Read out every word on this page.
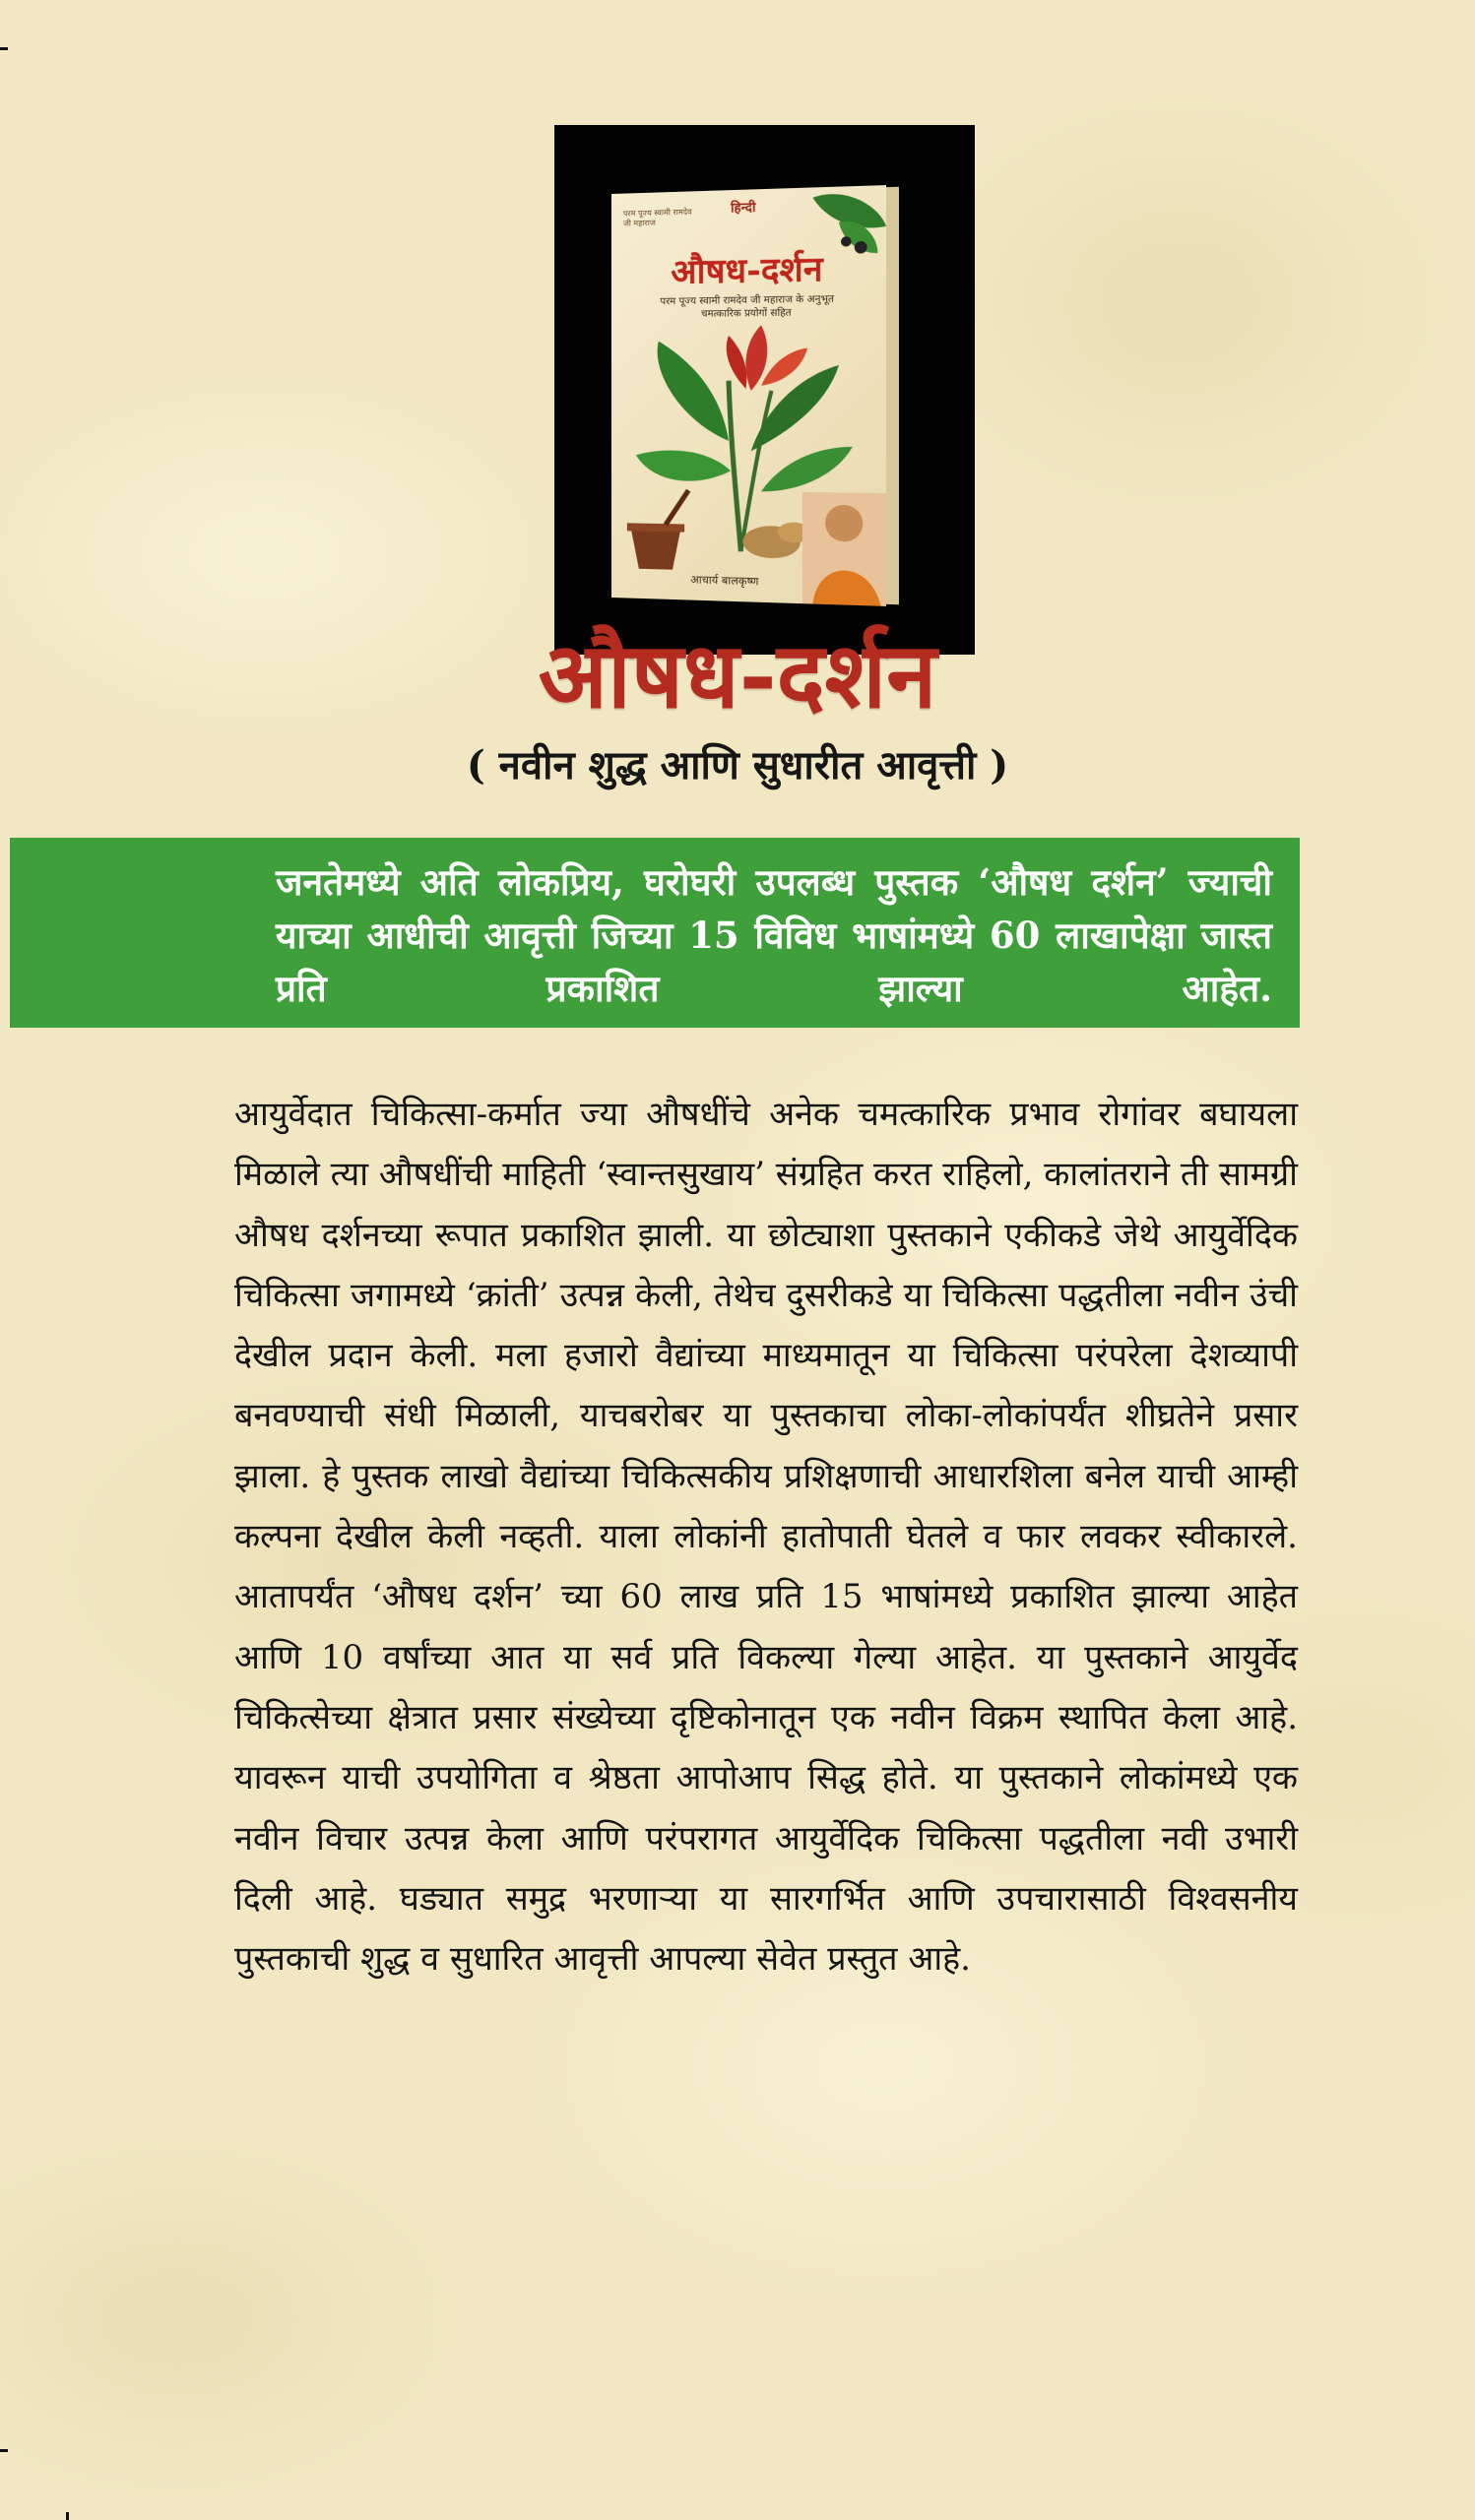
हिन्दी
परम पूज्य स्वामी रामदेव जी महाराज
औषध-दर्शन
परम पूज्य स्वामी रामदेव जी महाराज के अनुभूत चमत्कारिक प्रयोगों सहित
आचार्य बालकृष्ण
औषध-दर्शन
( नवीन शुद्ध आणि सुधारीत आवृत्ती )

जनतेमध्ये अति लोकप्रिय, घरोघरी उपलब्ध पुस्तक ‘औषध दर्शन’ ज्याची याच्या आधीची आवृत्ती जिच्या 15 विविध भाषांमध्ये 60 लाखापेक्षा जास्त प्रति प्रकाशित झाल्या आहेत.

आयुर्वेदात चिकित्सा-कर्मात ज्या औषधींचे अनेक चमत्कारिक प्रभाव रोगांवर बघायला मिळाले त्या औषधींची माहिती ‘स्वान्तसुखाय’ संग्रहित करत राहिलो, कालांतराने ती सामग्री औषध दर्शनच्या रूपात प्रकाशित झाली. या छोट्याशा पुस्तकाने एकीकडे जेथे आयुर्वेदिक चिकित्सा जगामध्ये ‘क्रांती’ उत्पन्न केली, तेथेच दुसरीकडे या चिकित्सा पद्धतीला नवीन उंची देखील प्रदान केली. मला हजारो वैद्यांच्या माध्यमातून या चिकित्सा परंपरेला देशव्यापी बनवण्याची संधी मिळाली, याचबरोबर या पुस्तकाचा लोका-लोकांपर्यंत शीघ्रतेने प्रसार झाला. हे पुस्तक लाखो वैद्यांच्या चिकित्सकीय प्रशिक्षणाची आधारशिला बनेल याची आम्ही कल्पना देखील केली नव्हती. याला लोकांनी हातोपाती घेतले व फार लवकर स्वीकारले. आतापर्यंत ‘औषध दर्शन’ च्या 60 लाख प्रति 15 भाषांमध्ये प्रकाशित झाल्या आहेत आणि 10 वर्षांच्या आत या सर्व प्रति विकल्या गेल्या आहेत. या पुस्तकाने आयुर्वेद चिकित्सेच्या क्षेत्रात प्रसार संख्येच्या दृष्टिकोनातून एक नवीन विक्रम स्थापित केला आहे. यावरून याची उपयोगिता व श्रेष्ठता आपोआप सिद्ध होते. या पुस्तकाने लोकांमध्ये एक नवीन विचार उत्पन्न केला आणि परंपरागत आयुर्वेदिक चिकित्सा पद्धतीला नवी उभारी दिली आहे. घड्यात समुद्र भरणाऱ्या या सारगर्भित आणि उपचारासाठी विश्वसनीय पुस्तकाची शुद्ध व सुधारित आवृत्ती आपल्या सेवेत प्रस्तुत आहे.
